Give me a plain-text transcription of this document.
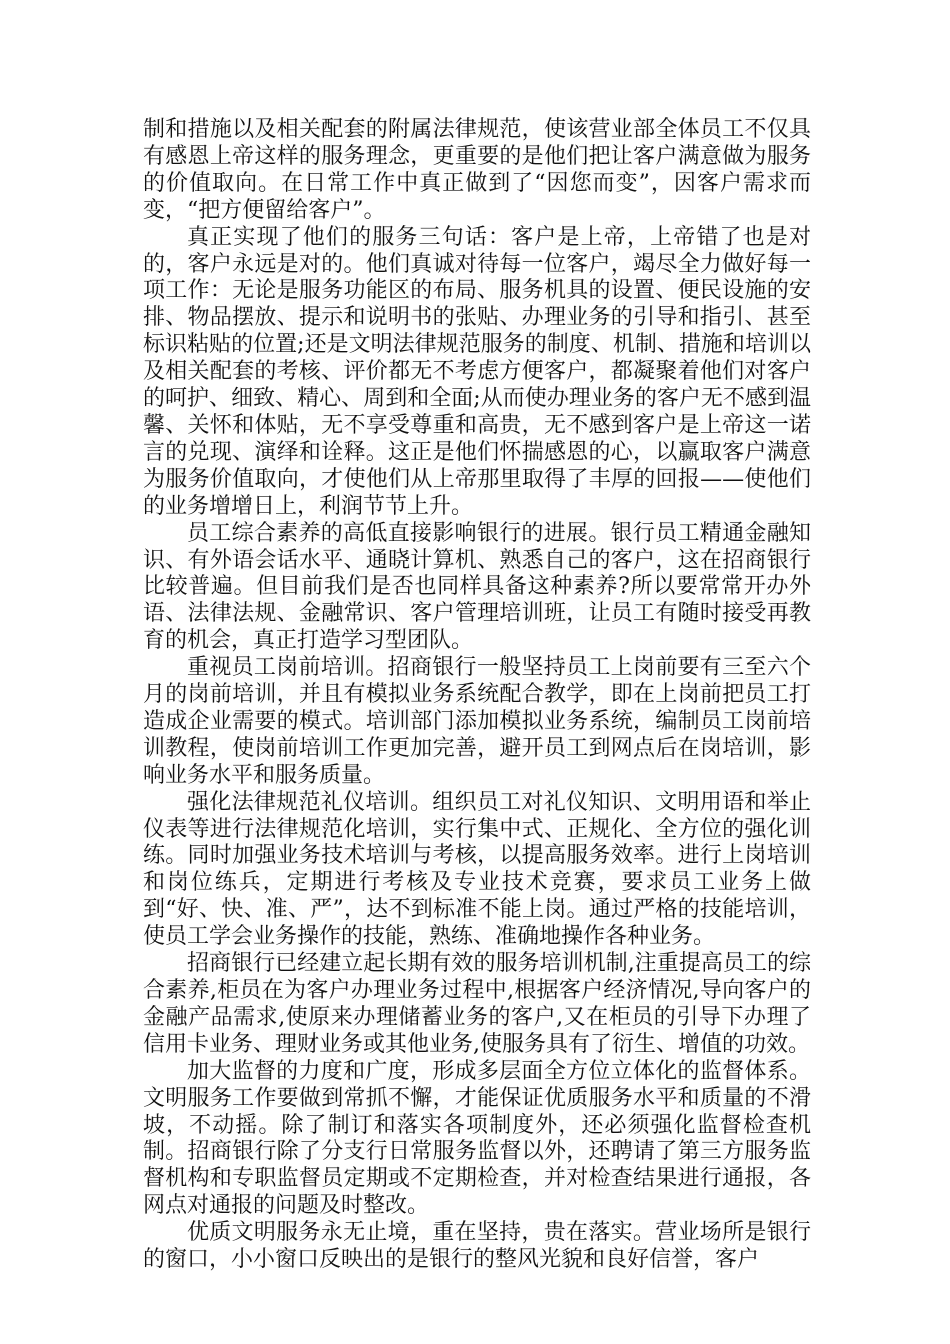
制和措施以及相关配套的附属法律规范，使该营业部全体员工不仅具有感恩上帝这样的服务理念，更重要的是他们把让客户满意做为服务的价值取向。在日常工作中真正做到了“因您而变”，因客户需求而变，“把方便留给客户”。

真正实现了他们的服务三句话：客户是上帝，上帝错了也是对的，客户永远是对的。他们真诚对待每一位客户，竭尽全力做好每一项工作：无论是服务功能区的布局、服务机具的设置、便民设施的安排、物品摆放、提示和说明书的张贴、办理业务的引导和指引、甚至标识粘贴的位置;还是文明法律规范服务的制度、机制、措施和培训以及相关配套的考核、评价都无不考虑方便客户，都凝聚着他们对客户的呵护、细致、精心、周到和全面;从而使办理业务的客户无不感到温馨、关怀和体贴，无不享受尊重和高贵，无不感到客户是上帝这一诺言的兑现、演绎和诠释。这正是他们怀揣感恩的心，以赢取客户满意为服务价值取向，才使他们从上帝那里取得了丰厚的回报——使他们的业务增增日上，利润节节上升。

员工综合素养的高低直接影响银行的进展。银行员工精通金融知识、有外语会话水平、通晓计算机、熟悉自己的客户，这在招商银行比较普遍。但目前我们是否也同样具备这种素养?所以要常常开办外语、法律法规、金融常识、客户管理培训班，让员工有随时接受再教育的机会，真正打造学习型团队。

重视员工岗前培训。招商银行一般坚持员工上岗前要有三至六个月的岗前培训，并且有模拟业务系统配合教学，即在上岗前把员工打造成企业需要的模式。培训部门添加模拟业务系统，编制员工岗前培训教程，使岗前培训工作更加完善，避开员工到网点后在岗培训，影响业务水平和服务质量。

强化法律规范礼仪培训。组织员工对礼仪知识、文明用语和举止仪表等进行法律规范化培训，实行集中式、正规化、全方位的强化训练。同时加强业务技术培训与考核，以提高服务效率。进行上岗培训和岗位练兵，定期进行考核及专业技术竞赛，要求员工业务上做到“好、快、准、严”，达不到标准不能上岗。通过严格的技能培训，使员工学会业务操作的技能，熟练、准确地操作各种业务。

招商银行已经建立起长期有效的服务培训机制,注重提高员工的综合素养,柜员在为客户办理业务过程中,根据客户经济情况,导向客户的金融产品需求,使原来办理储蓄业务的客户,又在柜员的引导下办理了信用卡业务、理财业务或其他业务,使服务具有了衍生、增值的功效。

加大监督的力度和广度，形成多层面全方位立体化的监督体系。文明服务工作要做到常抓不懈，才能保证优质服务水平和质量的不滑坡，不动摇。除了制订和落实各项制度外，还必须强化监督检查机制。招商银行除了分支行日常服务监督以外，还聘请了第三方服务监督机构和专职监督员定期或不定期检查，并对检查结果进行通报，各网点对通报的问题及时整改。

优质文明服务永无止境，重在坚持，贵在落实。营业场所是银行的窗口，小小窗口反映出的是银行的整风光貌和良好信誉，客户
